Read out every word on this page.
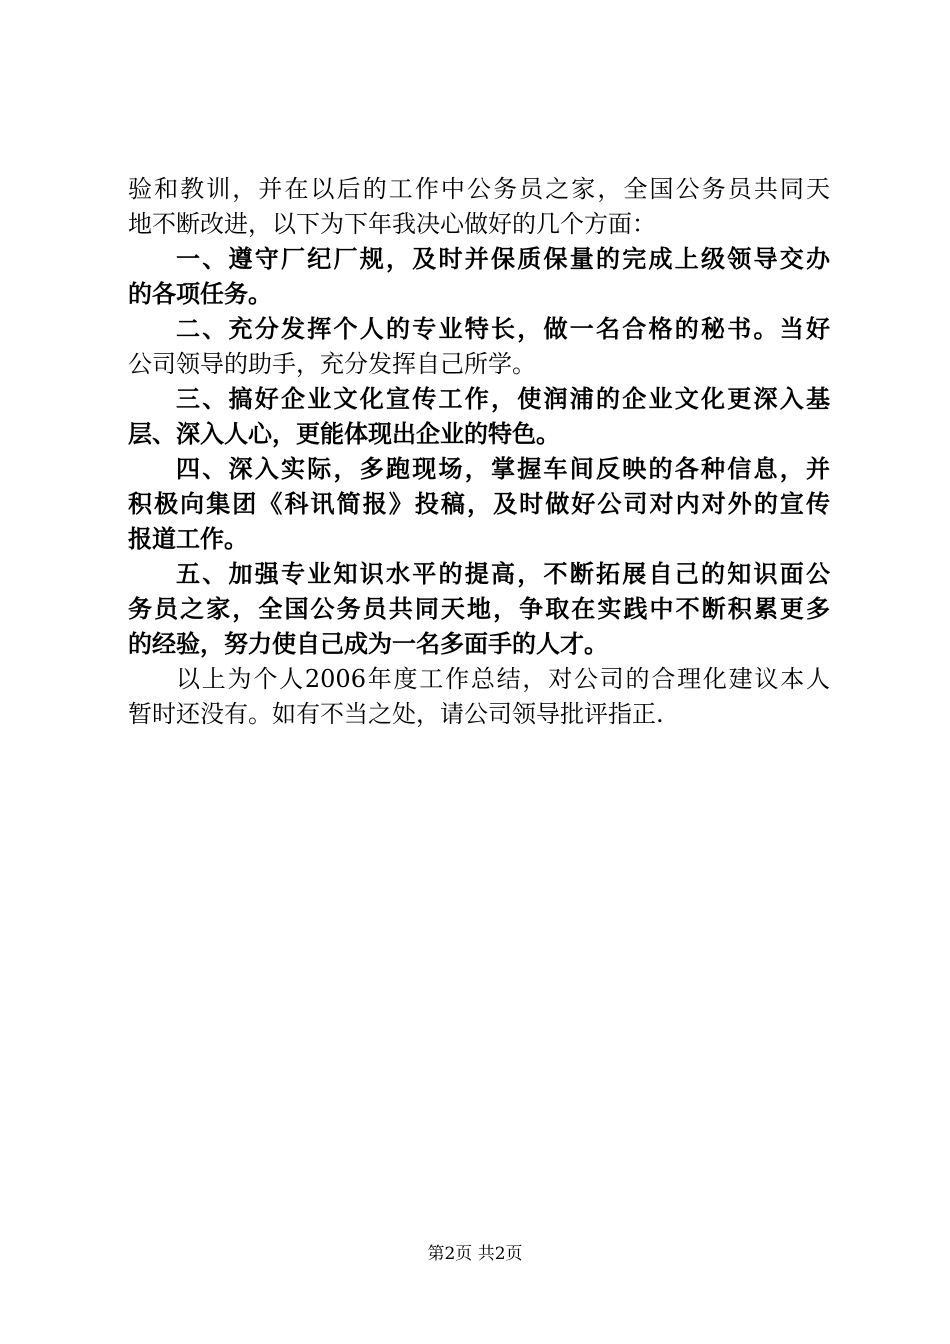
验和教训，并在以后的工作中公务员之家，全国公务员共同天
地不断改进，以下为下年我决心做好的几个方面：
一、遵守厂纪厂规，及时并保质保量的完成上级领导交办
的各项任务。
二、充分发挥个人的专业特长，做一名合格的秘书。当好
公司领导的助手，充分发挥自己所学。
三、搞好企业文化宣传工作，使润浦的企业文化更深入基
层、深入人心，更能体现出企业的特色。
四、深入实际，多跑现场，掌握车间反映的各种信息，并
积极向集团《科讯简报》投稿，及时做好公司对内对外的宣传
报道工作。
五、加强专业知识水平的提高，不断拓展自己的知识面公
务员之家，全国公务员共同天地，争取在实践中不断积累更多
的经验，努力使自己成为一名多面手的人才。
以上为个人2006年度工作总结，对公司的合理化建议本人
暂时还没有。如有不当之处，请公司领导批评指正.
第2页 共2页
